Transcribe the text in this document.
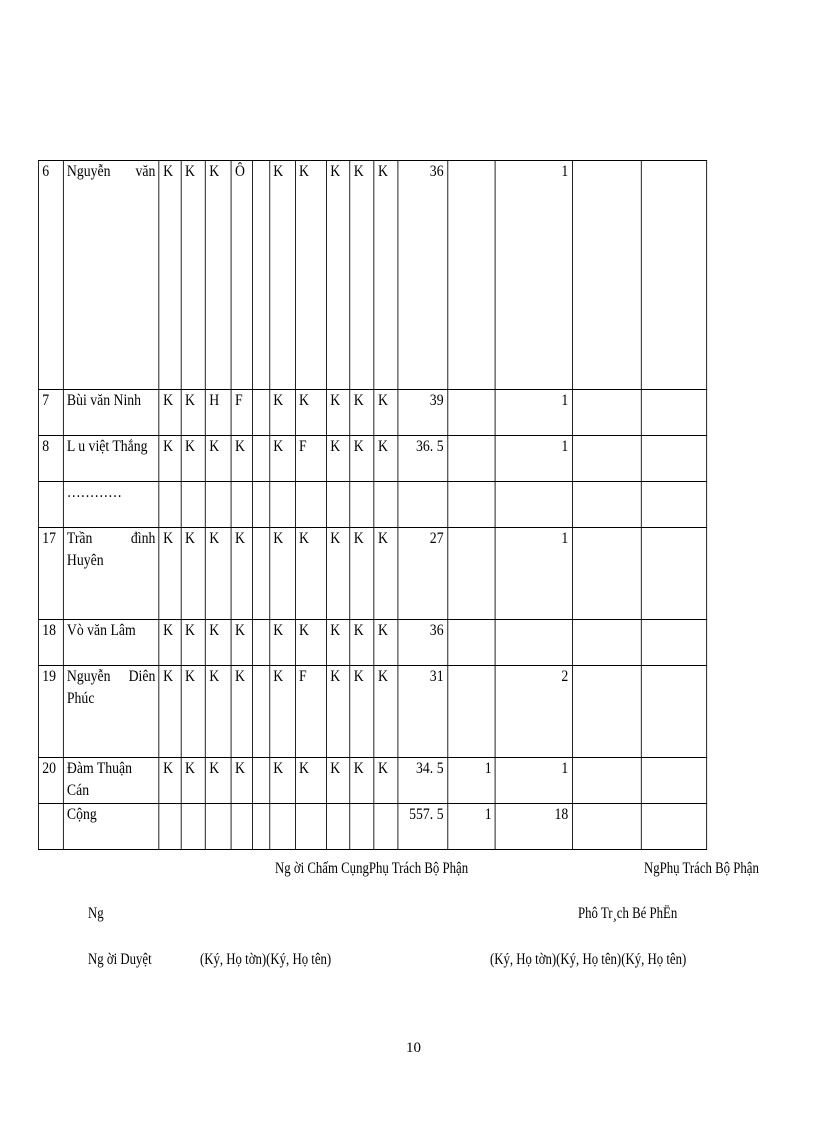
6	Nguyễn văn	K	K	K	Ô		K	K	K	K	K	36		1		
7	Bùi văn Ninh	K	K	H	F		K	K	K	K	K	39		1		
8	L u việt Thắng	K	K	K	K		K	F	K	K	K	36. 5		1		
	…………															
17	Trần đình Huyên	K	K	K	K		K	K	K	K	K	27		1		
18	Vò văn Lâm	K	K	K	K		K	K	K	K	K	36				
19	Nguyễn Diên Phúc	K	K	K	K		K	F	K	K	K	31		2		
20	Đàm Thuận Cán	K	K	K	K		K	K	K	K	K	34. 5	1	1		
	Cộng											557. 5	1	18		
Ng ời Chấm CụngPhụ Trách Bộ Phận	NgPhụ Trách Bộ Phận
Ng	Phô Tr¸ch Bé PhËn
Ng ời Duyệt	(Ký, Họ tờn)(Ký, Họ tên)	(Ký, Họ tờn)(Ký, Họ tên)(Ký, Họ tên)
10
